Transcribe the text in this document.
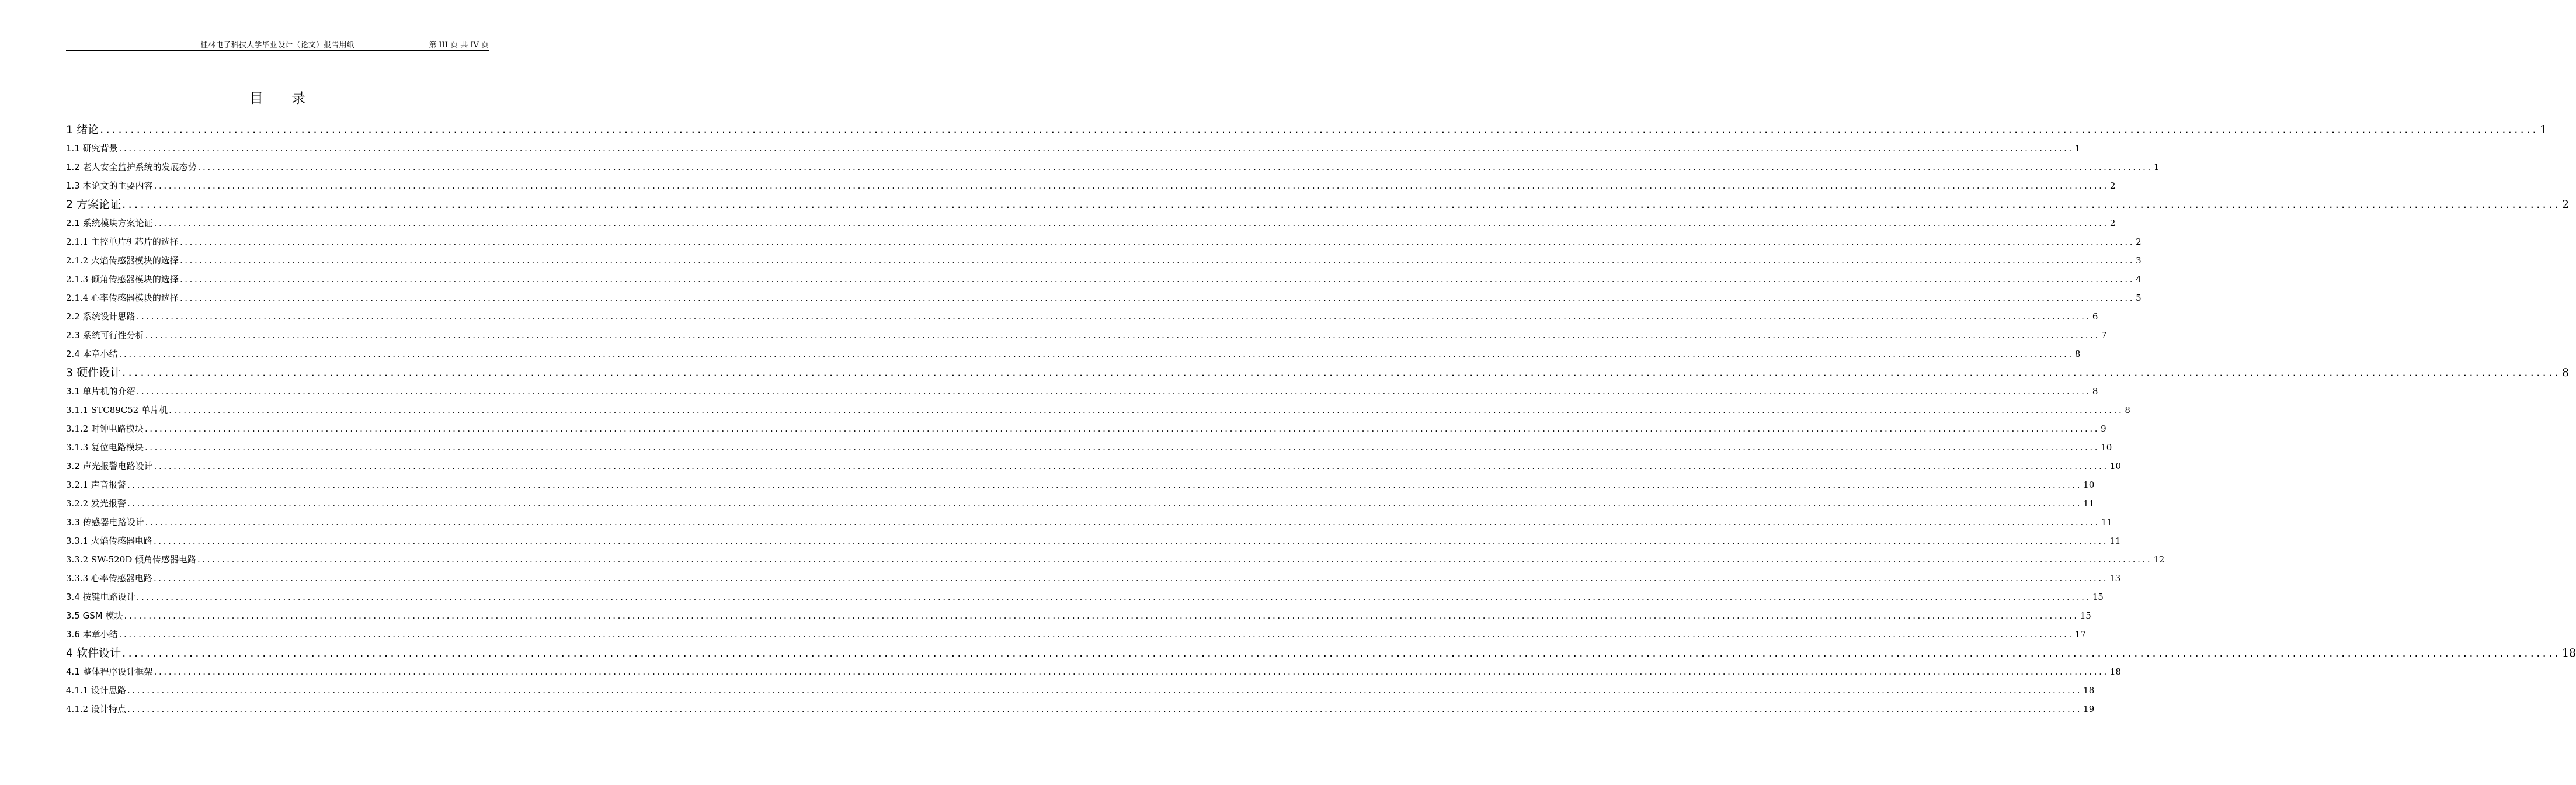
桂林电子科技大学毕业设计（论文）报告用纸	第 III 页 共 IV 页
目录
1 绪论 ................................................................................................................................................................................................................................................................................................................................................................................................................ 1
1.1 研究背景 ................................................................................................................................................................................................................................................................................................................................................................................................................ 1
1.2 老人安全监护系统的发展态势 ................................................................................................................................................................................................................................................................................................................................................................................................................ 1
1.3 本论文的主要内容 ................................................................................................................................................................................................................................................................................................................................................................................................................ 2
2 方案论证 ................................................................................................................................................................................................................................................................................................................................................................................................................ 2
2.1 系统模块方案论证 ................................................................................................................................................................................................................................................................................................................................................................................................................ 2
2.1.1 主控单片机芯片的选择 ................................................................................................................................................................................................................................................................................................................................................................................................................ 2
2.1.2 火焰传感器模块的选择 ................................................................................................................................................................................................................................................................................................................................................................................................................ 3
2.1.3 倾角传感器模块的选择 ................................................................................................................................................................................................................................................................................................................................................................................................................ 4
2.1.4 心率传感器模块的选择 ................................................................................................................................................................................................................................................................................................................................................................................................................ 5
2.2 系统设计思路 ................................................................................................................................................................................................................................................................................................................................................................................................................ 6
2.3 系统可行性分析 ................................................................................................................................................................................................................................................................................................................................................................................................................ 7
2.4 本章小结 ................................................................................................................................................................................................................................................................................................................................................................................................................ 8
3 硬件设计 ................................................................................................................................................................................................................................................................................................................................................................................................................ 8
3.1 单片机的介绍 ................................................................................................................................................................................................................................................................................................................................................................................................................ 8
3.1.1 STC89C52 单片机 ................................................................................................................................................................................................................................................................................................................................................................................................................ 8
3.1.2 时钟电路模块 ................................................................................................................................................................................................................................................................................................................................................................................................................ 9
3.1.3 复位电路模块 ................................................................................................................................................................................................................................................................................................................................................................................................................ 10
3.2 声光报警电路设计 ................................................................................................................................................................................................................................................................................................................................................................................................................ 10
3.2.1 声音报警 ................................................................................................................................................................................................................................................................................................................................................................................................................ 10
3.2.2 发光报警 ................................................................................................................................................................................................................................................................................................................................................................................................................ 11
3.3 传感器电路设计 ................................................................................................................................................................................................................................................................................................................................................................................................................ 11
3.3.1 火焰传感器电路 ................................................................................................................................................................................................................................................................................................................................................................................................................ 11
3.3.2 SW-520D 倾角传感器电路 ................................................................................................................................................................................................................................................................................................................................................................................................................ 12
3.3.3 心率传感器电路 ................................................................................................................................................................................................................................................................................................................................................................................................................ 13
3.4 按键电路设计 ................................................................................................................................................................................................................................................................................................................................................................................................................ 15
3.5 GSM 模块 ................................................................................................................................................................................................................................................................................................................................................................................................................ 15
3.6 本章小结 ................................................................................................................................................................................................................................................................................................................................................................................................................ 17
4 软件设计 ................................................................................................................................................................................................................................................................................................................................................................................................................ 18
4.1 整体程序设计框架 ................................................................................................................................................................................................................................................................................................................................................................................................................ 18
4.1.1 设计思路 ................................................................................................................................................................................................................................................................................................................................................................................................................ 18
4.1.2 设计特点 ................................................................................................................................................................................................................................................................................................................................................................................................................ 19
